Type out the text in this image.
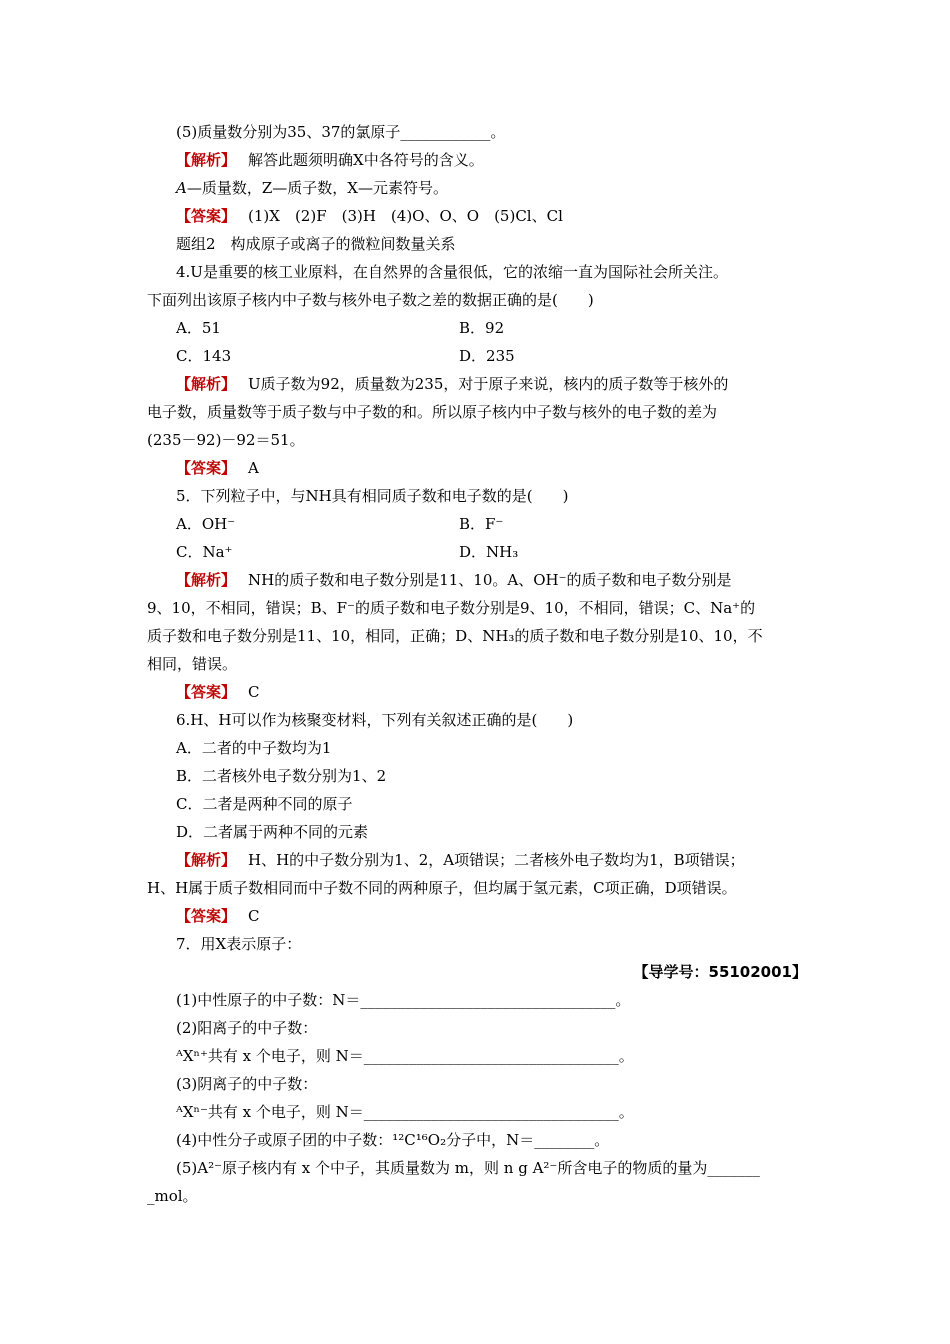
(5)质量数分别为35、37的氯原子____________。
【解析】 解答此题须明确X中各符号的含义。
A—质量数，Z—质子数，X—元素符号。
【答案】 (1)X　(2)F　(3)H　(4)O、O、O　(5)Cl、Cl
题组2　构成原子或离子的微粒间数量关系
4.U是重要的核工业原料，在自然界的含量很低，它的浓缩一直为国际社会所关注。
下面列出该原子核内中子数与核外电子数之差的数据正确的是(　　)
A．51	B．92
C．143	D．235
【解析】 U质子数为92，质量数为235，对于原子来说，核内的质子数等于核外的
电子数，质量数等于质子数与中子数的和。所以原子核内中子数与核外的电子数的差为
(235－92)－92＝51。
【答案】 A
5．下列粒子中，与NH具有相同质子数和电子数的是(　　)
A．OH⁻	B．F⁻
C．Na⁺	D．NH₃
【解析】 NH的质子数和电子数分别是11、10。A、OH⁻的质子数和电子数分别是
9、10，不相同，错误；B、F⁻的质子数和电子数分别是9、10，不相同，错误；C、Na⁺的
质子数和电子数分别是11、10，相同，正确；D、NH₃的质子数和电子数分别是10、10，不
相同，错误。
【答案】 C
6.H、H可以作为核聚变材料，下列有关叙述正确的是(　　)
A．二者的中子数均为1
B．二者核外电子数分别为1、2
C．二者是两种不同的原子
D．二者属于两种不同的元素
【解析】 H、H的中子数分别为1、2，A项错误；二者核外电子数均为1，B项错误；
H、H属于质子数相同而中子数不同的两种原子，但均属于氢元素，C项正确，D项错误。
【答案】 C
7．用X表示原子：
【导学号：55102001】
(1)中性原子的中子数：N＝__________________________________。
(2)阳离子的中子数：
ᴬXⁿ⁺共有 x 个电子，则 N＝__________________________________。
(3)阴离子的中子数：
ᴬXⁿ⁻共有 x 个电子，则 N＝__________________________________。
(4)中性分子或原子团的中子数：¹²C¹⁶O₂分子中，N＝________。
(5)A²⁻原子核内有 x 个中子，其质量数为 m，则 n g A²⁻所含电子的物质的量为_______
_mol。
